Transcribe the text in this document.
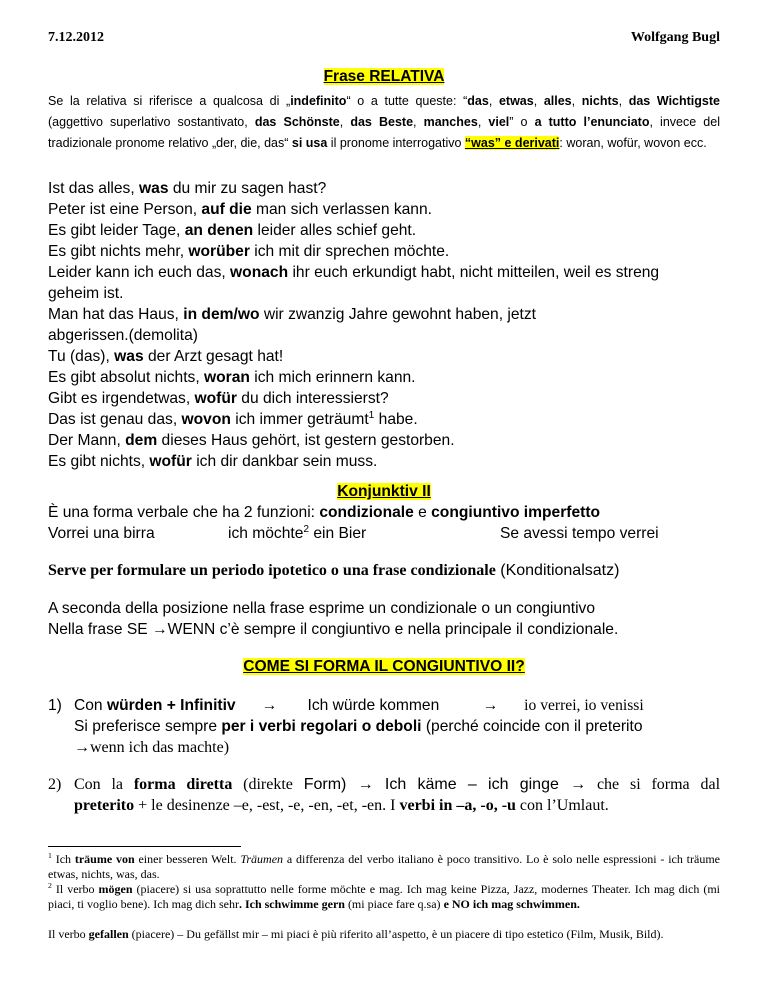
7.12.2012	Wolfgang Bugl
Frase RELATIVA
Se la relativa si riferisce a qualcosa di „indefinito“ o a tutte queste: “das, etwas, alles, nichts, das Wichtigste (aggettivo superlativo sostantivato, das Schönste, das Beste, manches, viel” o a tutto l’enunciato, invece del tradizionale pronome relativo „der, die, das“ si usa il pronome interrogativo “was” e derivati: woran, wofür, wovon ecc.
Ist das alles, was du mir zu sagen hast?
Peter ist eine Person, auf die man sich verlassen kann.
Es gibt leider Tage, an denen leider alles schief geht.
Es gibt nichts mehr, worüber ich mit dir sprechen möchte.
Leider kann ich euch das, wonach ihr euch erkundigt habt, nicht mitteilen, weil es streng
geheim ist.
Man hat das Haus, in dem/wo wir zwanzig Jahre gewohnt haben, jetzt
abgerissen.(demolita)
Tu (das), was der Arzt gesagt hat!
Es gibt absolut nichts, woran ich mich erinnern kann.
Gibt es irgendetwas, wofür du dich interessierst?
Das ist genau das, wovon ich immer geträumt$^1$ habe.
Der Mann, dem dieses Haus gehört, ist gestern gestorben.
Es gibt nichts, wofür ich dir dankbar sein muss.
Konjunktiv II
È una forma verbale che ha 2 funzioni: condizionale e congiuntivo imperfetto
Vorrei una birra	ich möchte$^2$ ein Bier	Se avessi tempo verrei
Serve per formulare un periodo ipotetico o una frase condizionale (Konditionalsatz)
A seconda della posizione nella frase esprime un condizionale o un congiuntivo
Nella frase SE →WENN c’è sempre il congiuntivo e nella principale il condizionale.
COME SI FORMA IL CONGIUNTIVO II?
1) Con würden + Infinitiv      →       Ich würde kommen          →      io verrei, io venissi
Si preferisce sempre per i verbi regolari o deboli (perché coincide con il preterito
→wenn ich das machte)
2) Con la forma diretta (direkte Form) → Ich käme – ich ginge → che si forma dal
preterito + le desinenze –e, -est, -e, -en, -et, -en. I verbi in –a, -o, -u con l’Umlaut.
$^1$ Ich träume von einer besseren Welt. Träumen a differenza del verbo italiano è poco transitivo. Lo è solo nelle espressioni - ich träume etwas, nichts, was, das.
$^2$ Il verbo mögen (piacere) si usa soprattutto nelle forme möchte e mag. Ich mag keine Pizza, Jazz, modernes Theater. Ich mag dich (mi piaci, ti voglio bene). Ich mag dich sehr. Ich schwimme gern (mi piace fare q.sa) e NO ich mag schwimmen.
Il verbo gefallen (piacere) – Du gefällst mir – mi piaci è più riferito all’aspetto, è un piacere di tipo estetico (Film, Musik, Bild).
